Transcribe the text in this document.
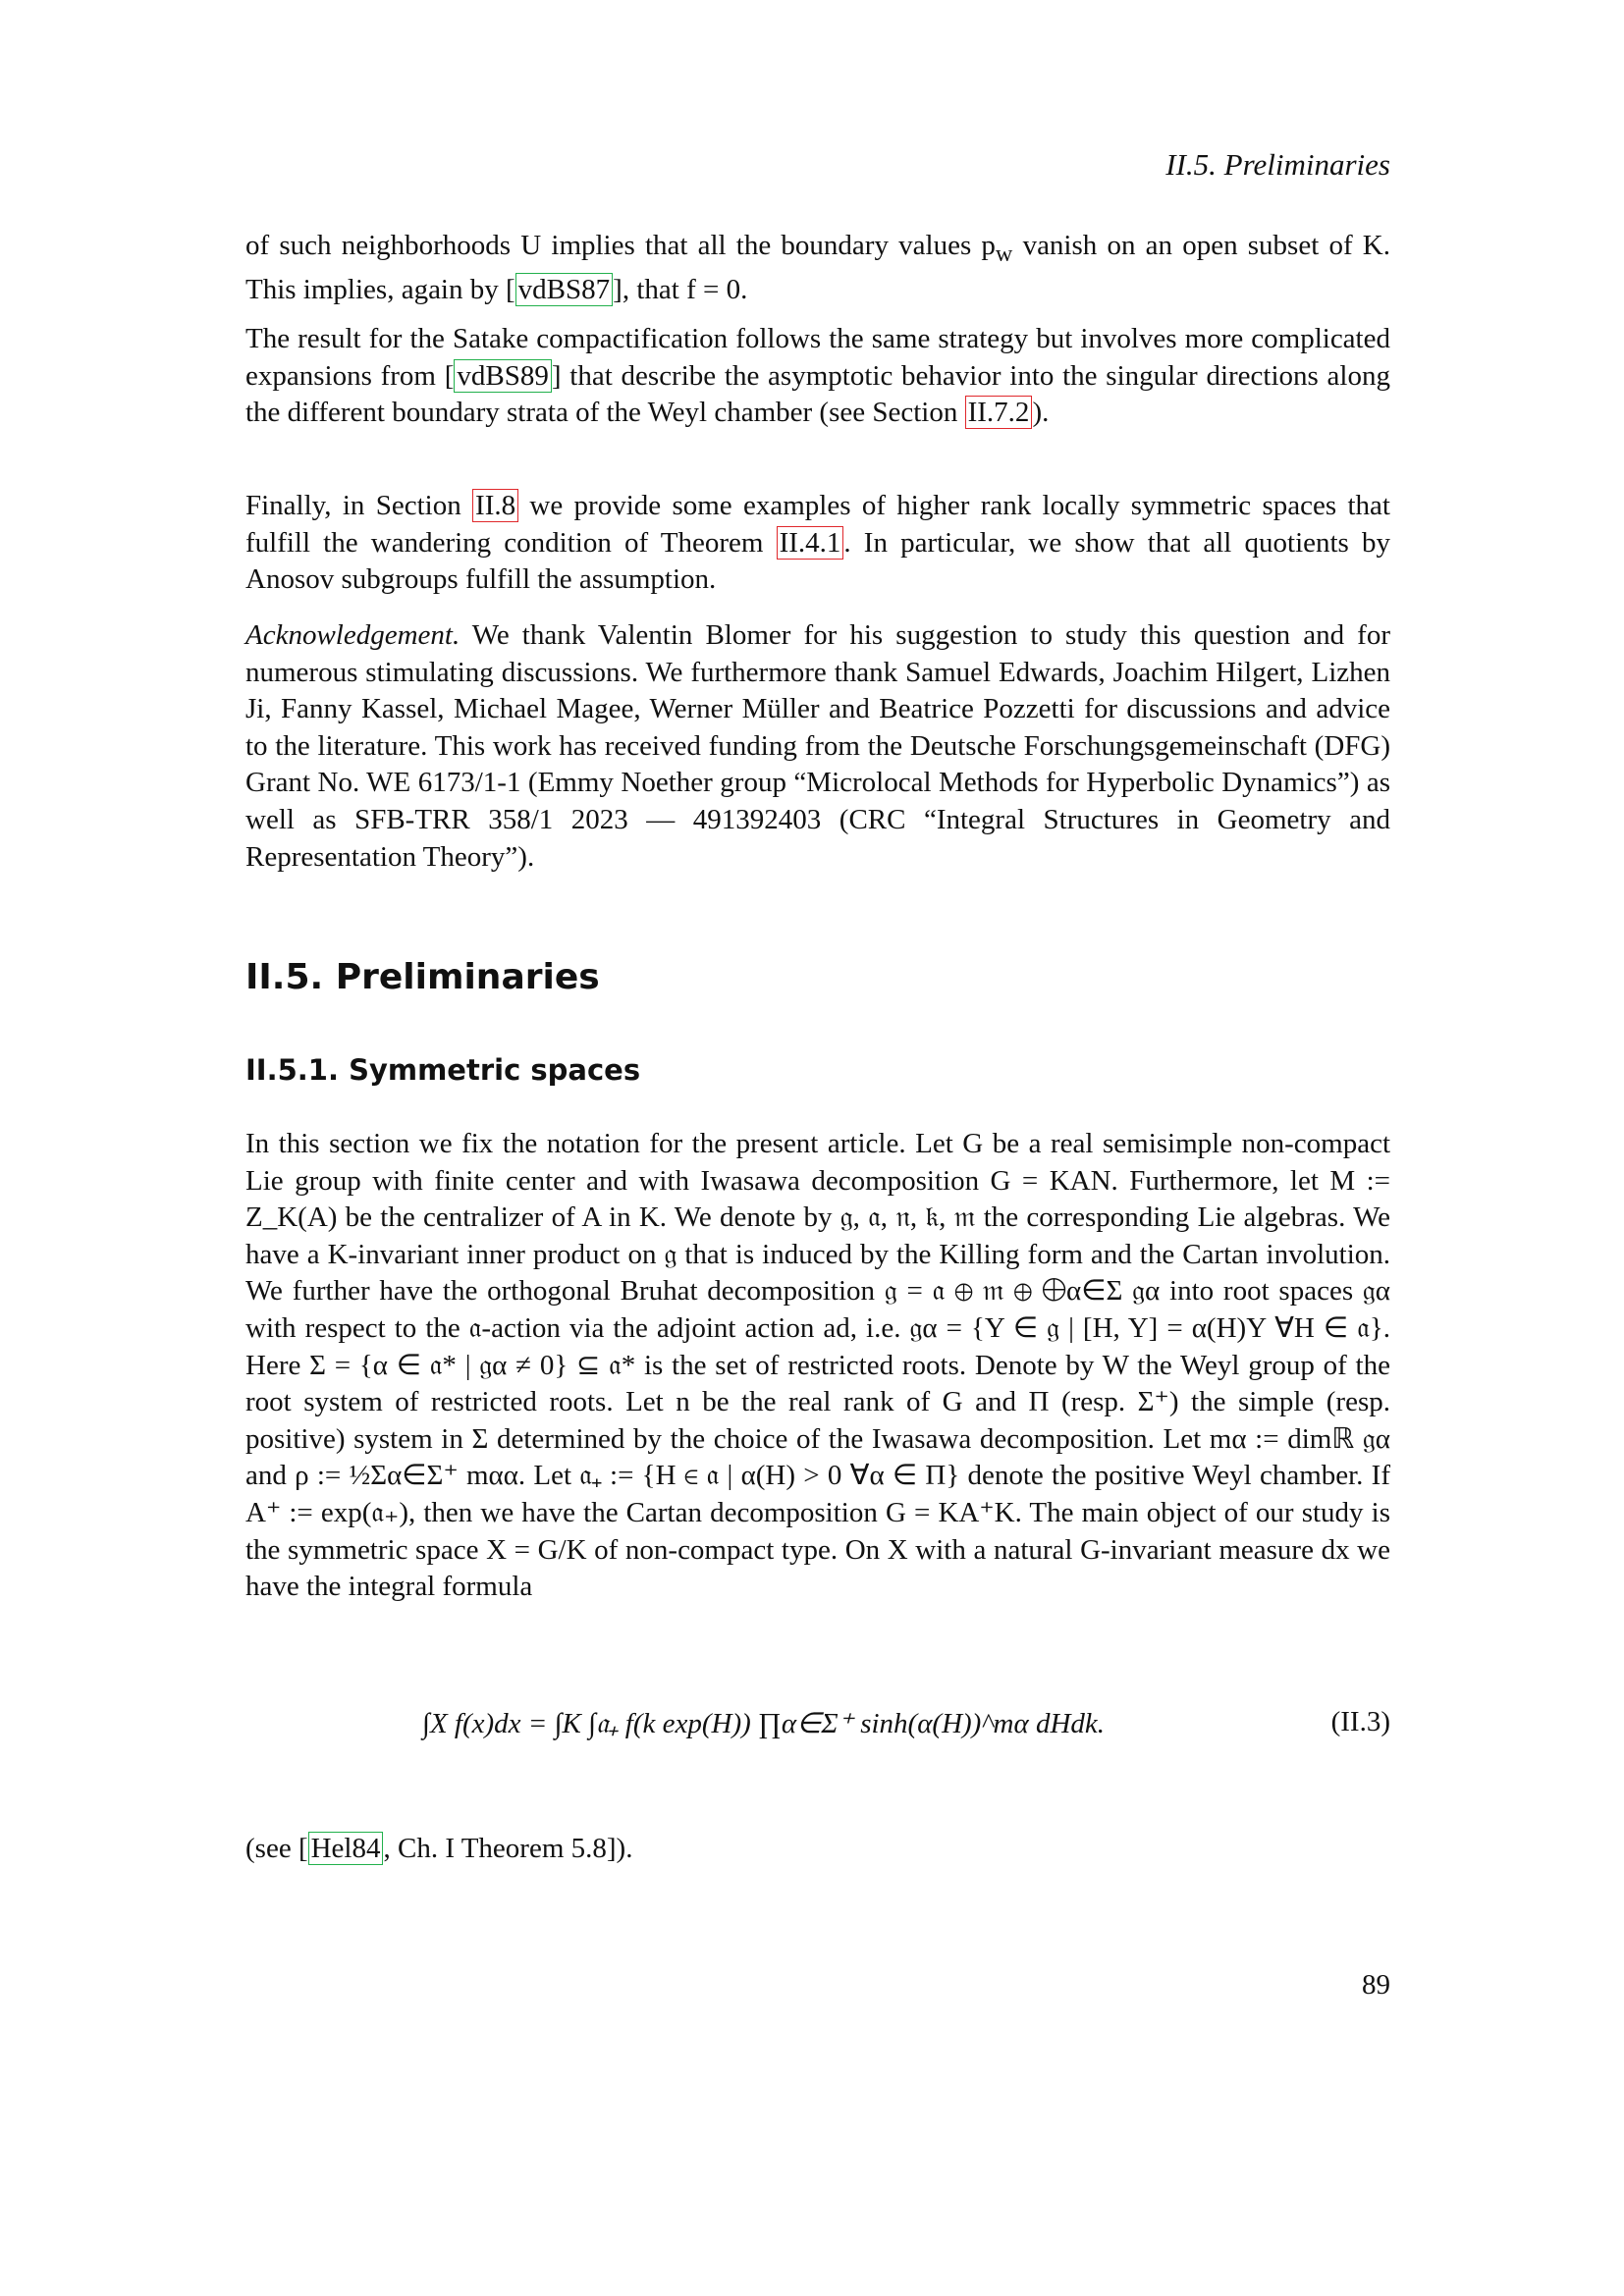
II.5. Preliminaries

of such neighborhoods U implies that all the boundary values $p_w$ vanish on an open subset of K. This implies, again by [ vdBS87 ], that f = 0.

The result for the Satake compactification follows the same strategy but involves more complicated expansions from [ vdBS89 ] that describe the asymptotic behavior into the singular directions along the different boundary strata of the Weyl chamber (see Section II.7.2 ).

Finally, in Section II.8 we provide some examples of higher rank locally symmetric spaces that fulfill the wandering condition of Theorem II.4.1 . In particular, we show that all quotients by Anosov subgroups fulfill the assumption.

Acknowledgement. We thank Valentin Blomer for his suggestion to study this question and for numerous stimulating discussions. We furthermore thank Samuel Edwards, Joachim Hilgert, Lizhen Ji, Fanny Kassel, Michael Magee, Werner Müller and Beatrice Pozzetti for discussions and advice to the literature. This work has received funding from the Deutsche Forschungsgemeinschaft (DFG) Grant No. WE 6173/1-1 (Emmy Noether group “Microlocal Methods for Hyperbolic Dynamics”) as well as SFB-TRR 358/1 2023 — 491392403 (CRC “Integral Structures in Geometry and Representation Theory”).

II.5. Preliminaries
II.5.1. Symmetric spaces

In this section we fix the notation for the present article. Let G be a real semisimple non-compact Lie group with finite center and with Iwasawa decomposition G = KAN. Furthermore, let M := Z_K(A) be the centralizer of A in K. We denote by 𝔤, 𝔞, 𝔫, 𝔨, 𝔪 the corresponding Lie algebras. We have a K-invariant inner product on 𝔤 that is induced by the Killing form and the Cartan involution. We further have the orthogonal Bruhat decomposition 𝔤 = 𝔞 ⊕ 𝔪 ⊕ ⨁α∈Σ 𝔤α into root spaces 𝔤α with respect to the 𝔞-action via the adjoint action ad, i.e. 𝔤α = {Y ∈ 𝔤 | [H, Y] = α(H)Y ∀H ∈ 𝔞}. Here Σ = {α ∈ 𝔞* | 𝔤α ≠ 0} ⊆ 𝔞* is the set of restricted roots. Denote by W the Weyl group of the root system of restricted roots. Let n be the real rank of G and Π (resp. Σ⁺) the simple (resp. positive) system in Σ determined by the choice of the Iwasawa decomposition. Let mα := dimℝ 𝔤α and ρ := ½Σα∈Σ⁺ mαα. Let 𝔞₊ := {H ∈ 𝔞 | α(H) > 0 ∀α ∈ Π} denote the positive Weyl chamber. If A⁺ := exp(𝔞₊), then we have the Cartan decomposition G = KA⁺K. The main object of our study is the symmetric space X = G/K of non-compact type. On X with a natural G-invariant measure dx we have the integral formula

∫X f(x)dx = ∫K ∫𝔞₊ f(k exp(H)) ∏α∈Σ⁺ sinh(α(H))^mα dHdk.	(II.3)

(see [ Hel84 , Ch. I Theorem 5.8]).

89
